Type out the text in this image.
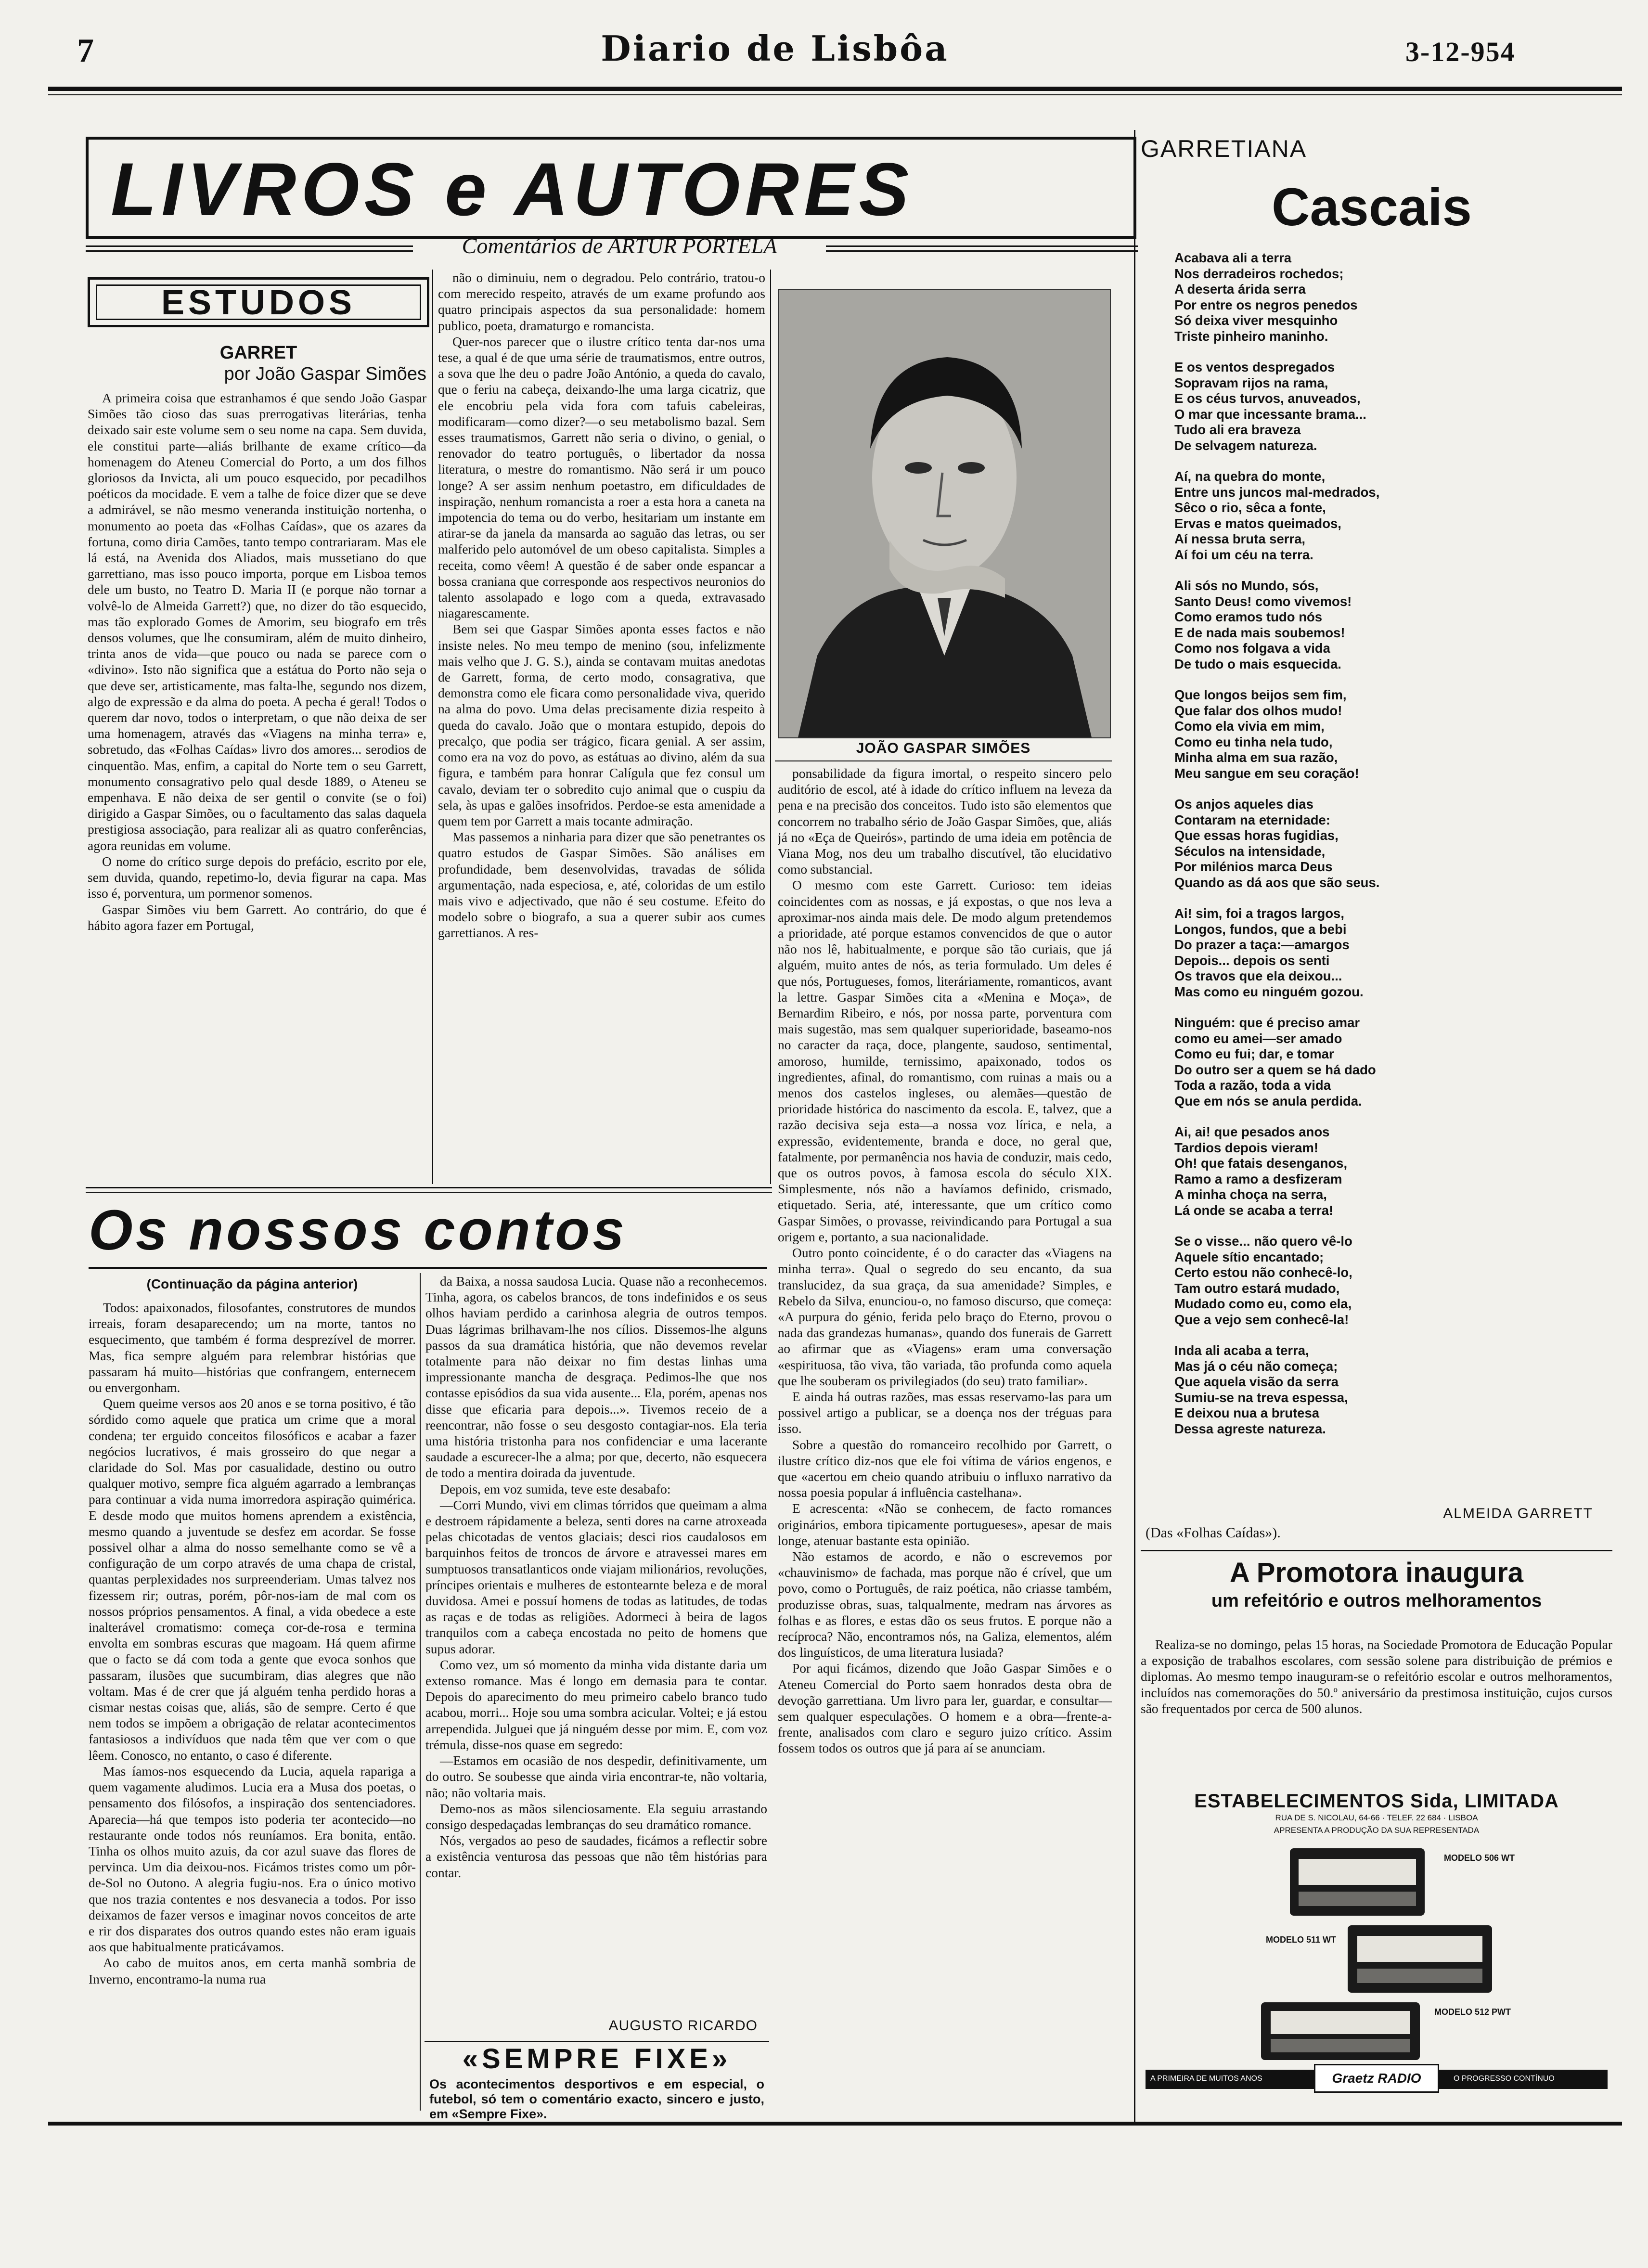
7	Diario de Lisbôa	3-12-954
LIVROS e AUTORES
Comentários de ARTUR PORTELA
ESTUDOS
GARRET
por João Gaspar Simões

A primeira coisa que estranhamos é que sendo João Gaspar Simões tão cioso das suas prerrogativas literárias, tenha deixado sair este volume sem o seu nome na capa. Sem duvida, ele constitui parte—aliás brilhante de exame crítico—da homenagem do Ateneu Comercial do Porto, a um dos filhos gloriosos da Invicta, ali um pouco esquecido, por pecadilhos poéticos da mocidade. E vem a talhe de foice dizer que se deve a admirável, se não mesmo veneranda instituição nortenha, o monumento ao poeta das «Folhas Caídas», que os azares da fortuna, como diria Camões, tanto tempo contrariaram. Mas ele lá está, na Avenida dos Aliados, mais mussetiano do que garrettiano, mas isso pouco importa, porque em Lisboa temos dele um busto, no Teatro D. Maria II (e porque não tornar a volvê-lo de Almeida Garrett?) que, no dizer do tão esquecido, mas tão explorado Gomes de Amorim, seu biografo em três densos volumes, que lhe consumiram, além de muito dinheiro, trinta anos de vida—que pouco ou nada se parece com o «divino». Isto não significa que a estátua do Porto não seja o que deve ser, artisticamente, mas falta-lhe, segundo nos dizem, algo de expressão e da alma do poeta. A pecha é geral! Todos o querem dar novo, todos o interpretam, o que não deixa de ser uma homenagem, através das «Viagens na minha terra» e, sobretudo, das «Folhas Caídas» livro dos amores... serodios de cinquentão. Mas, enfim, a capital do Norte tem o seu Garrett, monumento consagrativo pelo qual desde 1889, o Ateneu se empenhava. E não deixa de ser gentil o convite (se o foi) dirigido a Gaspar Simões, ou o facultamento das salas daquela prestigiosa associação, para realizar ali as quatro conferências, agora reunidas em volume.

O nome do crítico surge depois do prefácio, escrito por ele, sem duvida, quando, repetimo-lo, devia figurar na capa. Mas isso é, porventura, um pormenor somenos.

Gaspar Simões viu bem Garrett. Ao contrário, do que é hábito agora fazer em Portugal,

não o diminuiu, nem o degradou. Pelo contrário, tratou-o com merecido respeito, através de um exame profundo aos quatro principais aspectos da sua personalidade: homem publico, poeta, dramaturgo e romancista.

Quer-nos parecer que o ilustre crítico tenta dar-nos uma tese, a qual é de que uma série de traumatismos, entre outros, a sova que lhe deu o padre João António, a queda do cavalo, que o feriu na cabeça, deixando-lhe uma larga cicatriz, que ele encobriu pela vida fora com tafuis cabeleiras, modificaram—como dizer?—o seu metabolismo bazal. Sem esses traumatismos, Garrett não seria o divino, o genial, o renovador do teatro português, o libertador da nossa literatura, o mestre do romantismo. Não será ir um pouco longe? A ser assim nenhum poetastro, em dificuldades de inspiração, nenhum romancista a roer a esta hora a caneta na impotencia do tema ou do verbo, hesitariam um instante em atirar-se da janela da mansarda ao saguão das letras, ou ser malferido pelo automóvel de um obeso capitalista. Simples a receita, como vêem! A questão é de saber onde espancar a bossa craniana que corresponde aos respectivos neuronios do talento assolapado e logo com a queda, extravasado niagarescamente.

Bem sei que Gaspar Simões aponta esses factos e não insiste neles. No meu tempo de menino (sou, infelizmente mais velho que J. G. S.), ainda se contavam muitas anedotas de Garrett, forma, de certo modo, consagrativa, que demonstra como ele ficara como personalidade viva, querido na alma do povo. Uma delas precisamente dizia respeito à queda do cavalo. João que o montara estupido, depois do precalço, que podia ser trágico, ficara genial. A ser assim, como era na voz do povo, as estátuas ao divino, além da sua figura, e também para honrar Calígula que fez consul um cavalo, deviam ter o sobredito cujo animal que o cuspiu da sela, às upas e galões insofridos. Perdoe-se esta amenidade a quem tem por Garrett a mais tocante admiração.

Mas passemos a ninharia para dizer que são penetrantes os quatro estudos de Gaspar Simões. São análises em profundidade, bem desenvolvidas, travadas de sólida argumentação, nada especiosa, e, até, coloridas de um estilo mais vivo e adjectivado, que não é seu costume. Efeito do modelo sobre o biografo, a sua a querer subir aos cumes garrettianos. A res-

JOÃO GASPAR SIMÕES

ponsabilidade da figura imortal, o respeito sincero pelo auditório de escol, até à idade do crítico influem na leveza da pena e na precisão dos conceitos. Tudo isto são elementos que concorrem no trabalho sério de João Gaspar Simões, que, aliás já no «Eça de Queirós», partindo de uma ideia em potência de Viana Mog, nos deu um trabalho discutível, tão elucidativo como substancial.

O mesmo com este Garrett. Curioso: tem ideias coincidentes com as nossas, e já expostas, o que nos leva a aproximar-nos ainda mais dele. De modo algum pretendemos a prioridade, até porque estamos convencidos de que o autor não nos lê, habitualmente, e porque são tão curiais, que já alguém, muito antes de nós, as teria formulado. Um deles é que nós, Portugueses, fomos, literáriamente, romanticos, avant la lettre. Gaspar Simões cita a «Menina e Moça», de Bernardim Ribeiro, e nós, por nossa parte, porventura com mais sugestão, mas sem qualquer superioridade, baseamo-nos no caracter da raça, doce, plangente, saudoso, sentimental, amoroso, humilde, ternissimo, apaixonado, todos os ingredientes, afinal, do romantismo, com ruinas a mais ou a menos dos castelos ingleses, ou alemães—questão de prioridade histórica do nascimento da escola. E, talvez, que a razão decisiva seja esta—a nossa voz lírica, e nela, a expressão, evidentemente, branda e doce, no geral que, fatalmente, por permanência nos havia de conduzir, mais cedo, que os outros povos, à famosa escola do século XIX. Simplesmente, nós não a havíamos definido, crismado, etiquetado. Seria, até, interessante, que um crítico como Gaspar Simões, o provasse, reivindicando para Portugal a sua origem e, portanto, a sua nacionalidade.

Outro ponto coincidente, é o do caracter das «Viagens na minha terra». Qual o segredo do seu encanto, da sua translucidez, da sua graça, da sua amenidade? Simples, e Rebelo da Silva, enunciou-o, no famoso discurso, que começa: «A purpura do génio, ferida pelo braço do Eterno, provou o nada das grandezas humanas», quando dos funerais de Garrett ao afirmar que as «Viagens» eram uma conversação «espirituosa, tão viva, tão variada, tão profunda como aquela que lhe souberam os privilegiados (do seu) trato familiar».

E ainda há outras razões, mas essas reservamo-las para um possivel artigo a publicar, se a doença nos der tréguas para isso.

Sobre a questão do romanceiro recolhido por Garrett, o ilustre crítico diz-nos que ele foi vítima de vários engenos, e que «acertou em cheio quando atribuiu o influxo narrativo da nossa poesia popular á influência castelhana».

E acrescenta: «Não se conhecem, de facto romances originários, embora tipicamente portugueses», apesar de mais longe, atenuar bastante esta opinião.

Não estamos de acordo, e não o escrevemos por «chauvinismo» de fachada, mas porque não é crível, que um povo, como o Português, de raiz poética, não criasse também, produzisse obras, suas, talqualmente, medram nas árvores as folhas e as flores, e estas dão os seus frutos. E porque não a recíproca? Não, encontramos nós, na Galiza, elementos, além dos linguísticos, de uma literatura lusiada?

Por aqui ficámos, dizendo que João Gaspar Simões e o Ateneu Comercial do Porto saem honrados desta obra de devoção garrettiana. Um livro para ler, guardar, e consultar—sem qualquer especulações. O homem e a obra—frente-a-frente, analisados com claro e seguro juizo crítico. Assim fossem todos os outros que já para aí se anunciam.

Os nossos contos
(Continuação da página anterior)

Todos: apaixonados, filosofantes, construtores de mundos irreais, foram desaparecendo; um na morte, tantos no esquecimento, que também é forma desprezível de morrer. Mas, fica sempre alguém para relembrar histórias que passaram há muito—histórias que confrangem, enternecem ou envergonham.

Quem queime versos aos 20 anos e se torna positivo, é tão sórdido como aquele que pratica um crime que a moral condena; ter erguido conceitos filosóficos e acabar a fazer negócios lucrativos, é mais grosseiro do que negar a claridade do Sol. Mas por casualidade, destino ou outro qualquer motivo, sempre fica alguém agarrado a lembranças para continuar a vida numa imorredora aspiração quimérica. E desde modo que muitos homens aprendem a existência, mesmo quando a juventude se desfez em acordar. Se fosse possivel olhar a alma do nosso semelhante como se vê a configuração de um corpo através de uma chapa de cristal, quantas perplexidades nos surpreenderiam. Umas talvez nos fizessem rir; outras, porém, pôr-nos-iam de mal com os nossos próprios pensamentos. A final, a vida obedece a este inalterável cromatismo: começa cor-de-rosa e termina envolta em sombras escuras que magoam. Há quem afirme que o facto se dá com toda a gente que evoca sonhos que passaram, ilusões que sucumbiram, dias alegres que não voltam. Mas é de crer que já alguém tenha perdido horas a cismar nestas coisas que, aliás, são de sempre. Certo é que nem todos se impõem a obrigação de relatar acontecimentos fantasiosos a indivíduos que nada têm que ver com o que lêem. Conosco, no entanto, o caso é diferente.

Mas íamos-nos esquecendo da Lucia, aquela rapariga a quem vagamente aludimos. Lucia era a Musa dos poetas, o pensamento dos filósofos, a inspiração dos sentenciadores. Aparecia—há que tempos isto poderia ter acontecido—no restaurante onde todos nós reuníamos. Era bonita, então. Tinha os olhos muito azuis, da cor azul suave das flores de pervinca. Um dia deixou-nos. Ficámos tristes como um pôr-de-Sol no Outono. A alegria fugiu-nos. Era o único motivo que nos trazia contentes e nos desvanecia a todos. Por isso deixamos de fazer versos e imaginar novos conceitos de arte e rir dos disparates dos outros quando estes não eram iguais aos que habitualmente praticávamos.

Ao cabo de muitos anos, em certa manhã sombria de Inverno, encontramo-la numa rua

da Baixa, a nossa saudosa Lucia. Quase não a reconhecemos. Tinha, agora, os cabelos brancos, de tons indefinidos e os seus olhos haviam perdido a carinhosa alegria de outros tempos. Duas lágrimas brilhavam-lhe nos cílios. Dissemos-lhe alguns passos da sua dramática história, que não devemos revelar totalmente para não deixar no fim destas linhas uma impressionante mancha de desgraça. Pedimos-lhe que nos contasse episódios da sua vida ausente... Ela, porém, apenas nos disse que eficaria para depois...». Tivemos receio de a reencontrar, não fosse o seu desgosto contagiar-nos. Ela teria uma história tristonha para nos confidenciar e uma lacerante saudade a escurecer-lhe a alma; por que, decerto, não esquecera de todo a mentira doirada da juventude.

Depois, em voz sumida, teve este desabafo:

—Corri Mundo, vivi em climas tórridos que queimam a alma e destroem rápidamente a beleza, senti dores na carne atroxeada pelas chicotadas de ventos glaciais; desci rios caudalosos em barquinhos feitos de troncos de árvore e atravessei mares em sumptuosos transatlanticos onde viajam milionários, revoluções, príncipes orientais e mulheres de estontearnte beleza e de moral duvidosa. Amei e possuí homens de todas as latitudes, de todas as raças e de todas as religiões. Adormeci à beira de lagos tranquilos com a cabeça encostada no peito de homens que supus adorar.

Como vez, um só momento da minha vida distante daria um extenso romance. Mas é longo em demasia para te contar. Depois do aparecimento do meu primeiro cabelo branco tudo acabou, morri... Hoje sou uma sombra acicular. Voltei; e já estou arrependida. Julguei que já ninguém desse por mim. E, com voz trémula, disse-nos quase em segredo:

—Estamos em ocasião de nos despedir, definitivamente, um do outro. Se soubesse que ainda viria encontrar-te, não voltaria, não; não voltaria mais.

Demo-nos as mãos silenciosamente. Ela seguiu arrastando consigo despedaçadas lembranças do seu dramático romance.

Nós, vergados ao peso de saudades, ficámos a reflectir sobre a existência venturosa das pessoas que não têm histórias para contar.

AUGUSTO RICARDO
«SEMPRE FIXE»
Os acontecimentos desportivos e em especial, o futebol, só tem o comentário exacto, sincero e justo, em «Sempre Fixe».
GARRETIANA
Cascais
Acabava ali a terra
Nos derradeiros rochedos;
A deserta árida serra
Por entre os negros penedos
Só deixa viver mesquinho
Triste pinheiro maninho.
E os ventos despregados
Sopravam rijos na rama,
E os céus turvos, anuveados,
O mar que incessante brama...
Tudo ali era braveza
De selvagem natureza.
Aí, na quebra do monte,
Entre uns juncos mal-medrados,
Sêco o rio, sêca a fonte,
Ervas e matos queimados,
Aí nessa bruta serra,
Aí foi um céu na terra.
Ali sós no Mundo, sós,
Santo Deus! como vivemos!
Como eramos tudo nós
E de nada mais soubemos!
Como nos folgava a vida
De tudo o mais esquecida.
Que longos beijos sem fim,
Que falar dos olhos mudo!
Como ela vivia em mim,
Como eu tinha nela tudo,
Minha alma em sua razão,
Meu sangue em seu coração!
Os anjos aqueles dias
Contaram na eternidade:
Que essas horas fugidias,
Séculos na intensidade,
Por milénios marca Deus
Quando as dá aos que são seus.
Ai! sim, foi a tragos largos,
Longos, fundos, que a bebi
Do prazer a taça:—amargos
Depois... depois os senti
Os travos que ela deixou...
Mas como eu ninguém gozou.
Ninguém: que é preciso amar
como eu amei—ser amado
Como eu fui; dar, e tomar
Do outro ser a quem se há dado
Toda a razão, toda a vida
Que em nós se anula perdida.
Ai, ai! que pesados anos
Tardios depois vieram!
Oh! que fatais desenganos,
Ramo a ramo a desfizeram
A minha choça na serra,
Lá onde se acaba a terra!
Se o visse... não quero vê-lo
Aquele sítio encantado;
Certo estou não conhecê-lo,
Tam outro estará mudado,
Mudado como eu, como ela,
Que a vejo sem conhecê-la!
Inda ali acaba a terra,
Mas já o céu não começa;
Que aquela visão da serra
Sumiu-se na treva espessa,
E deixou nua a brutesa
Dessa agreste natureza.
ALMEIDA GARRETT
(Das «Folhas Caídas»).
A Promotora inaugura
um refeitório e outros melhoramentos

Realiza-se no domingo, pelas 15 horas, na Sociedade Promotora de Educação Popular a exposição de trabalhos escolares, com sessão solene para distribuição de prémios e diplomas. Ao mesmo tempo inauguram-se o refeitório escolar e outros melhoramentos, incluídos nas comemorações do 50.º aniversário da prestimosa instituição, cujos cursos são frequentados por cerca de 500 alunos.

ESTABELECIMENTOS Sida, LIMITADA
RUA DE S. NICOLAU, 64-66 · TELEF. 22 684 · LISBOA
APRESENTA A PRODUÇÃO DA SUA REPRESENTADA
MODELO 506 WT
MODELO 511 WT
MODELO 512 PWT
A PRIMEIRA DE MUITOS ANOS	Graetz RADIO	O PROGRESSO CONTÍNUO
